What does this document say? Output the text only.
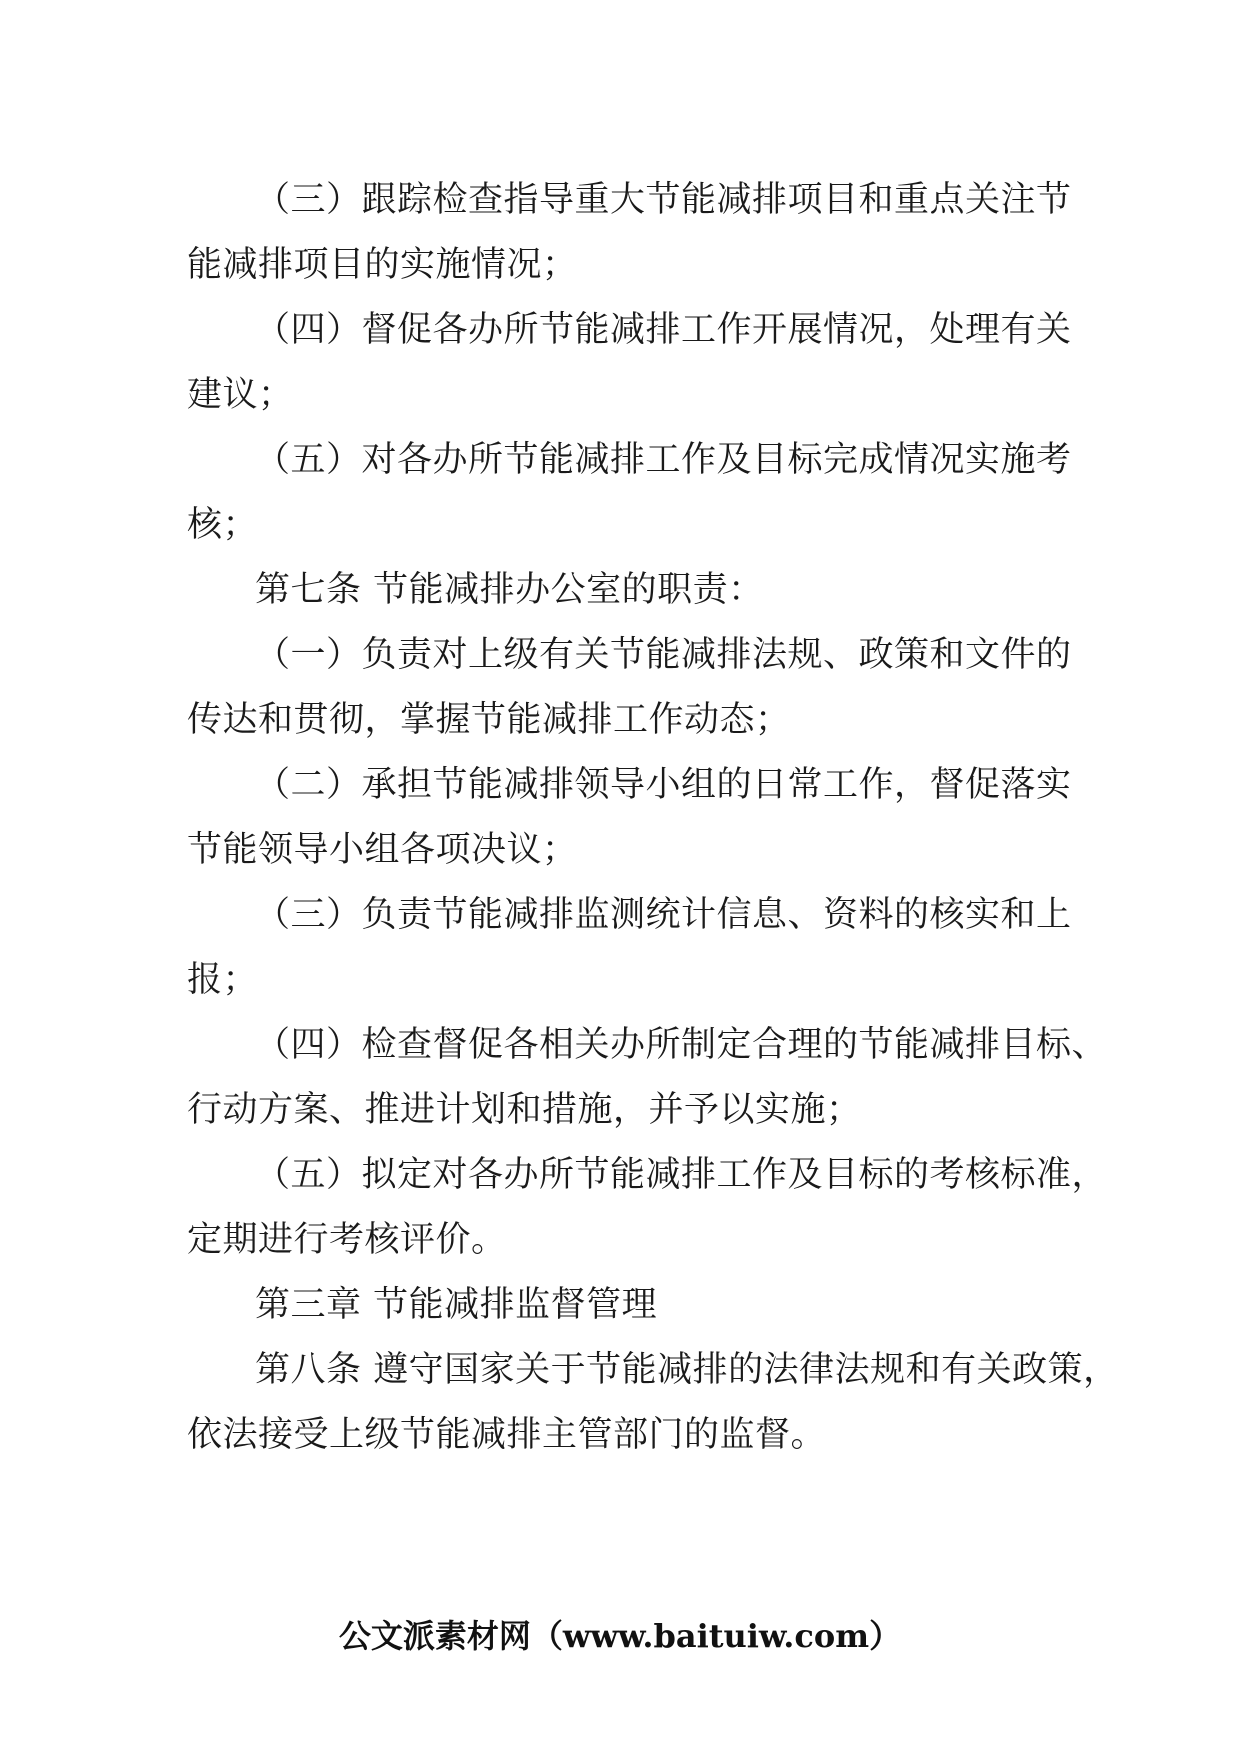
（三）跟踪检查指导重大节能减排项目和重点关注节
能减排项目的实施情况；
（四）督促各办所节能减排工作开展情况，处理有关
建议；
（五）对各办所节能减排工作及目标完成情况实施考
核；
第七条 节能减排办公室的职责：
（一）负责对上级有关节能减排法规、政策和文件的
传达和贯彻，掌握节能减排工作动态；
（二）承担节能减排领导小组的日常工作，督促落实
节能领导小组各项决议；
（三）负责节能减排监测统计信息、资料的核实和上
报；
（四）检查督促各相关办所制定合理的节能减排目标、
行动方案、推进计划和措施，并予以实施；
（五）拟定对各办所节能减排工作及目标的考核标准，
定期进行考核评价。
第三章 节能减排监督管理
第八条 遵守国家关于节能减排的法律法规和有关政策，
依法接受上级节能减排主管部门的监督。
公文派素材网（www.baituiw.com）
